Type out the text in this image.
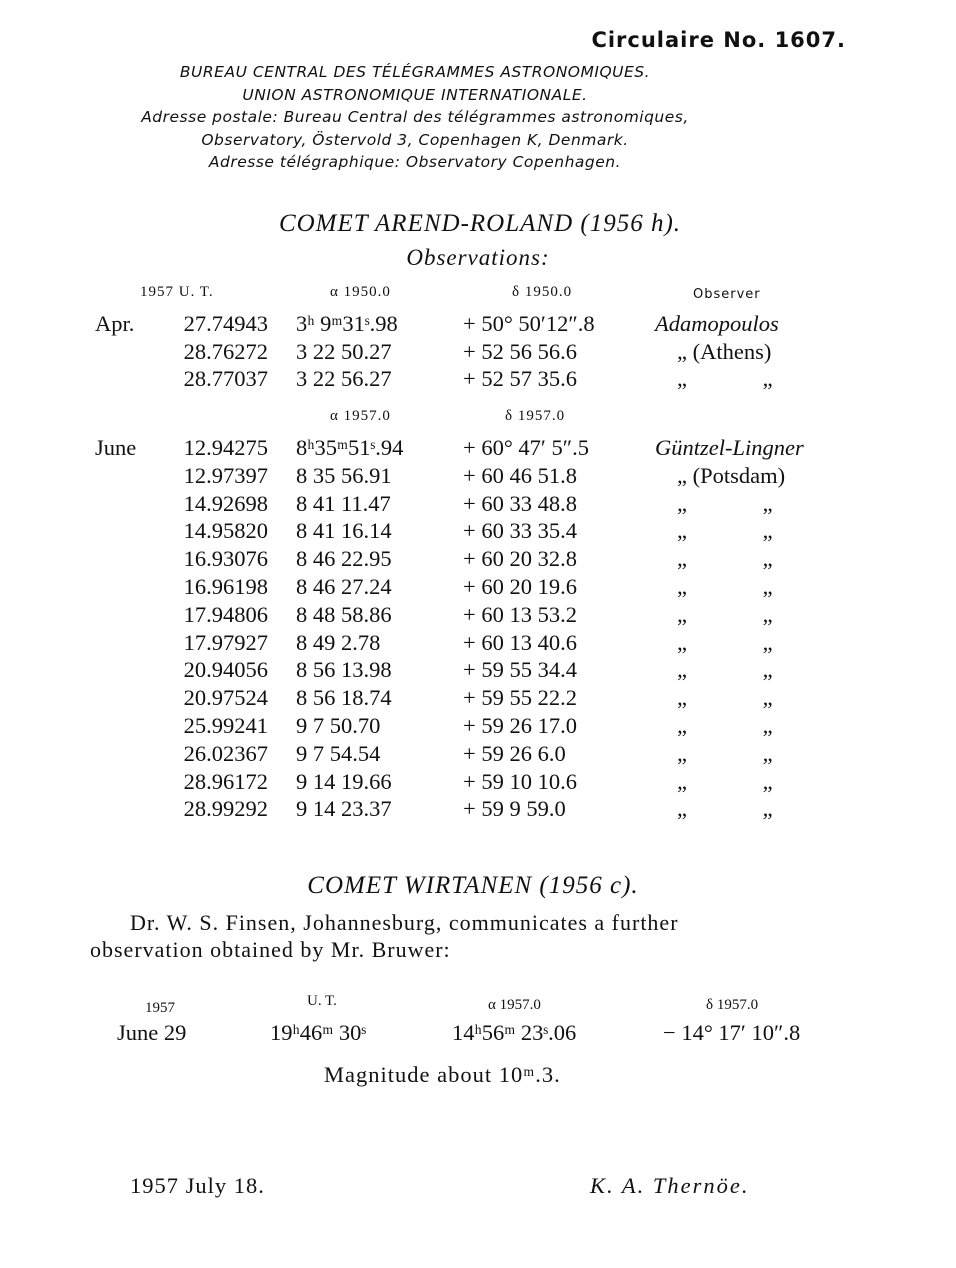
Circulaire No. 1607.
BUREAU CENTRAL DES TÉLÉGRAMMES ASTRONOMIQUES.
UNION ASTRONOMIQUE INTERNATIONALE.
Adresse postale: Bureau Central des télégrammes astronomiques,
Observatory, Östervold 3, Copenhagen K, Denmark.
Adresse télégraphique: Observatory Copenhagen.
COMET AREND-ROLAND (1956 h).
Observations:
1957 U. T.	α 1950.0	δ 1950.0	Observer
Apr.	27.74943 3ʰ 9ᵐ31ˢ.98	+ 50° 50′12″.8	Adamopoulos
28.76272 3 22 50.27	+ 52 56 56.6	„ (Athens)
28.77037 3 22 56.27	+ 52 57 35.6	„ „
α 1957.0	δ 1957.0
June	12.94275 8ʰ35ᵐ51ˢ.94	+ 60° 47′ 5″.5	Güntzel-Lingner
12.97397 8 35 56.91	+ 60 46 51.8	„ (Potsdam)
14.92698 8 41 11.47	+ 60 33 48.8	„ „
14.95820 8 41 16.14	+ 60 33 35.4	„ „
16.93076 8 46 22.95	+ 60 20 32.8	„ „
16.96198 8 46 27.24	+ 60 20 19.6	„ „
17.94806 8 48 58.86	+ 60 13 53.2	„ „
17.97927 8 49 2.78	+ 60 13 40.6	„ „
20.94056 8 56 13.98	+ 59 55 34.4	„ „
20.97524 8 56 18.74	+ 59 55 22.2	„ „
25.99241 9 7 50.70	+ 59 26 17.0	„ „
26.02367 9 7 54.54	+ 59 26 6.0	„ „
28.96172 9 14 19.66	+ 59 10 10.6	„ „
28.99292 9 14 23.37	+ 59 9 59.0	„ „
COMET WIRTANEN (1956 c).
Dr. W. S. Finsen, Johannesburg, communicates a further
observation obtained by Mr. Bruwer:
1957	U. T.	α 1957.0	δ 1957.0
June 29	19ʰ46ᵐ 30ˢ	14ʰ56ᵐ 23ˢ.06	− 14° 17′ 10″.8
Magnitude about 10ᵐ.3.
1957 July 18.	K. A. Thernöe.
